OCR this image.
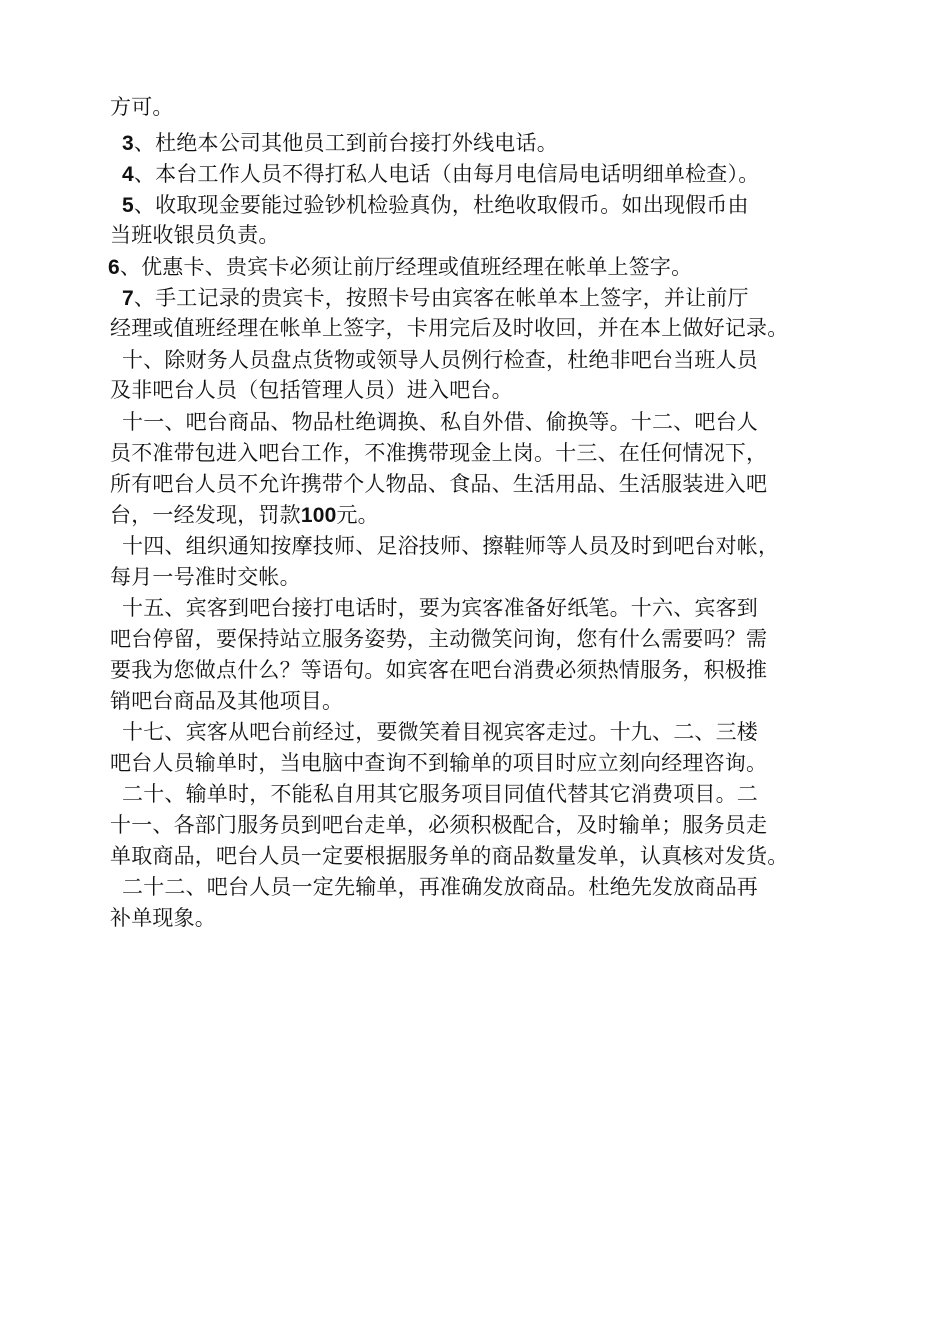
方可。
3、杜绝本公司其他员工到前台接打外线电话。
4、本台工作人员不得打私人电话（由每月电信局电话明细单检查）。
5、收取现金要能过验钞机检验真伪，杜绝收取假币。如出现假币由
当班收银员负责。
6、优惠卡、贵宾卡必须让前厅经理或值班经理在帐单上签字。
7、手工记录的贵宾卡，按照卡号由宾客在帐单本上签字，并让前厅
经理或值班经理在帐单上签字，卡用完后及时收回，并在本上做好记录。
十、除财务人员盘点货物或领导人员例行检查，杜绝非吧台当班人员
及非吧台人员（包括管理人员）进入吧台。
十一、吧台商品、物品杜绝调换、私自外借、偷换等。十二、吧台人
员不准带包进入吧台工作，不准携带现金上岗。十三、在任何情况下，
所有吧台人员不允许携带个人物品、食品、生活用品、生活服装进入吧
台，一经发现，罚款100元。
十四、组织通知按摩技师、足浴技师、擦鞋师等人员及时到吧台对帐，
每月一号准时交帐。
十五、宾客到吧台接打电话时，要为宾客准备好纸笔。十六、宾客到
吧台停留，要保持站立服务姿势，主动微笑问询，您有什么需要吗？需
要我为您做点什么？等语句。如宾客在吧台消费必须热情服务，积极推
销吧台商品及其他项目。
十七、宾客从吧台前经过，要微笑着目视宾客走过。十九、二、三楼
吧台人员输单时，当电脑中查询不到输单的项目时应立刻向经理咨询。
二十、输单时，不能私自用其它服务项目同值代替其它消费项目。二
十一、各部门服务员到吧台走单，必须积极配合，及时输单；服务员走
单取商品，吧台人员一定要根据服务单的商品数量发单，认真核对发货。
二十二、吧台人员一定先输单，再准确发放商品。杜绝先发放商品再
补单现象。
